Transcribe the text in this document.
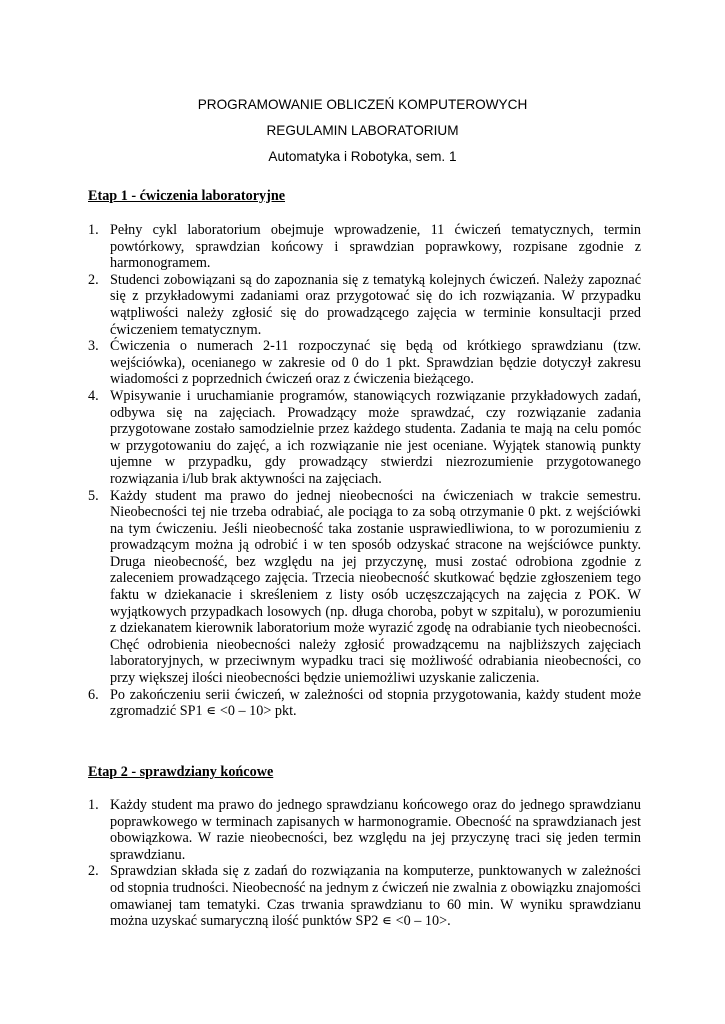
PROGRAMOWANIE OBLICZEŃ KOMPUTEROWYCH
REGULAMIN LABORATORIUM
Automatyka i Robotyka, sem. 1
Etap 1 - ćwiczenia laboratoryjne
1. Pełny cykl laboratorium obejmuje wprowadzenie, 11 ćwiczeń tematycznych, termin powtórkowy, sprawdzian końcowy i sprawdzian poprawkowy, rozpisane zgodnie z harmonogramem.
2. Studenci zobowiązani są do zapoznania się z tematyką kolejnych ćwiczeń. Należy zapoznać się z przykładowymi zadaniami oraz przygotować się do ich rozwiązania. W przypadku wątpliwości należy zgłosić się do prowadzącego zajęcia w terminie konsultacji przed ćwiczeniem tematycznym.
3. Ćwiczenia o numerach 2-11 rozpoczynać się będą od krótkiego sprawdzianu (tzw. wejściówka), ocenianego w zakresie od 0 do 1 pkt. Sprawdzian będzie dotyczył zakresu wiadomości z poprzednich ćwiczeń oraz z ćwiczenia bieżącego.
4. Wpisywanie i uruchamianie programów, stanowiących rozwiązanie przykładowych zadań, odbywa się na zajęciach. Prowadzący może sprawdzać, czy rozwiązanie zadania przygotowane zostało samodzielnie przez każdego studenta. Zadania te mają na celu pomóc w przygotowaniu do zajęć, a ich rozwiązanie nie jest oceniane. Wyjątek stanowią punkty ujemne w przypadku, gdy prowadzący stwierdzi niezrozumienie przygotowanego rozwiązania i/lub brak aktywności na zajęciach.
5. Każdy student ma prawo do jednej nieobecności na ćwiczeniach w trakcie semestru. Nieobecności tej nie trzeba odrabiać, ale pociąga to za sobą otrzymanie 0 pkt. z wejściówki na tym ćwiczeniu. Jeśli nieobecność taka zostanie usprawiedliwiona, to w porozumieniu z prowadzącym można ją odrobić i w ten sposób odzyskać stracone na wejściówce punkty. Druga nieobecność, bez względu na jej przyczynę, musi zostać odrobiona zgodnie z zaleceniem prowadzącego zajęcia. Trzecia nieobecność skutkować będzie zgłoszeniem tego faktu w dziekanacie i skreśleniem z listy osób uczęszczających na zajęcia z POK. W wyjątkowych przypadkach losowych (np. długa choroba, pobyt w szpitalu), w porozumieniu z dziekanatem kierownik laboratorium może wyrazić zgodę na odrabianie tych nieobecności. Chęć odrobienia nieobecności należy zgłosić prowadzącemu na najbliższych zajęciach laboratoryjnych, w przeciwnym wypadku traci się możliwość odrabiania nieobecności, co przy większej ilości nieobecności będzie uniemożliwi uzyskanie zaliczenia.
6. Po zakończeniu serii ćwiczeń, w zależności od stopnia przygotowania, każdy student może zgromadzić SP1 ∊ <0 – 10> pkt.
Etap 2 - sprawdziany końcowe
1. Każdy student ma prawo do jednego sprawdzianu końcowego oraz do jednego sprawdzianu poprawkowego w terminach zapisanych w harmonogramie. Obecność na sprawdzianach jest obowiązkowa. W razie nieobecności, bez względu na jej przyczynę traci się jeden termin sprawdzianu.
2. Sprawdzian składa się z zadań do rozwiązania na komputerze, punktowanych w zależności od stopnia trudności. Nieobecność na jednym z ćwiczeń nie zwalnia z obowiązku znajomości omawianej tam tematyki. Czas trwania sprawdzianu to 60 min. W wyniku sprawdzianu można uzyskać sumaryczną ilość punktów SP2 ∊ <0 – 10>.
